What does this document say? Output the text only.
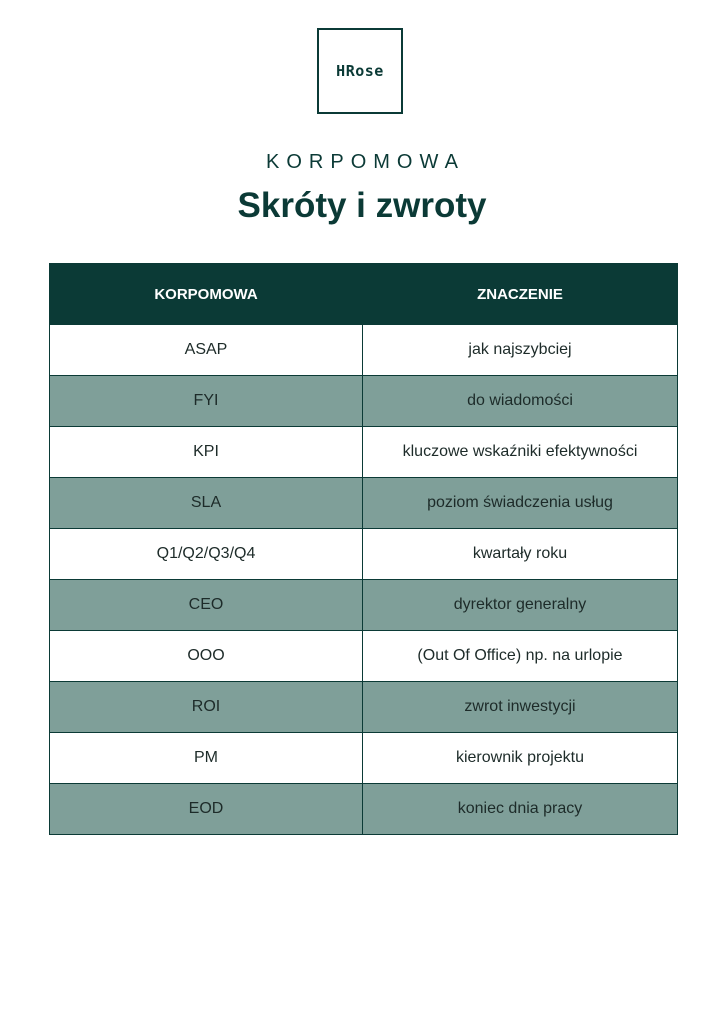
HRose
KORPOMOWA
Skróty i zwroty
KORPOMOWA	ZNACZENIE
ASAP	jak najszybciej
FYI	do wiadomości
KPI	kluczowe wskaźniki efektywności
SLA	poziom świadczenia usług
Q1/Q2/Q3/Q4	kwartały roku
CEO	dyrektor generalny
OOO	(Out Of Office) np. na urlopie
ROI	zwrot inwestycji
PM	kierownik projektu
EOD	koniec dnia pracy
